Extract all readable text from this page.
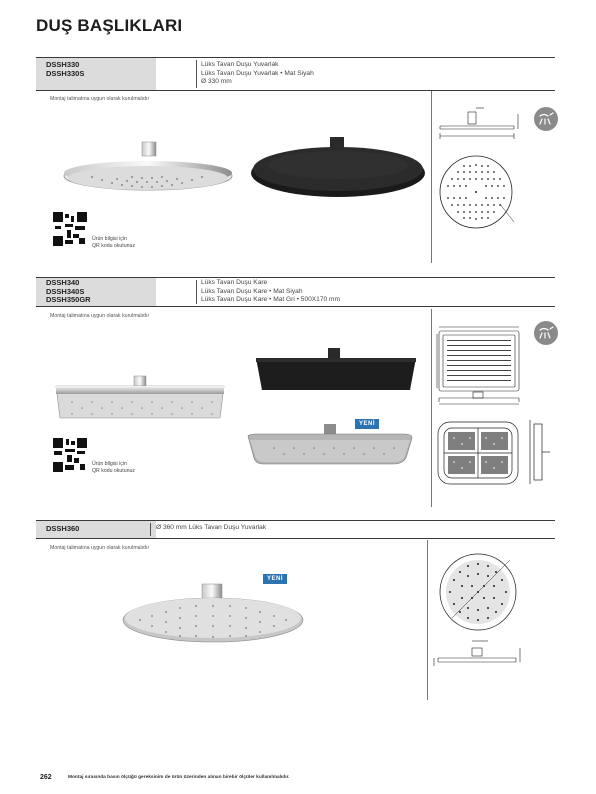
DUŞ BAŞLIKLARI
DSSH330
DSSH330S
Lüks Tavan Duşu Yuvarlak
Lüks Tavan Duşu Yuvarlak • Mat Siyah
Ø 330 mm
Montaj talimatına uygun olarak kurulmalıdır
Ürün bilgisi için
QR kodu okutunuz
DSSH340
DSSH340S
DSSH350GR
Lüks Tavan Duşu Kare
Lüks Tavan Duşu Kare • Mat Siyah
Lüks Tavan Duşu Kare • Mat Gri • 500X170 mm
Montaj talimatına uygun olarak kurulmalıdır
YENİ
Ürün bilgisi için
QR kodu okutunuz
DSSH360	Ø 360 mm Lüks Tavan Duşu Yuvarlak
Montaj talimatına uygun olarak kurulmalıdır
YENİ
262	Montaj sırasında basın ölçüğü gereksinim de ürün üzerinden alınan birebir ölçüler kullanılmalıdır.
